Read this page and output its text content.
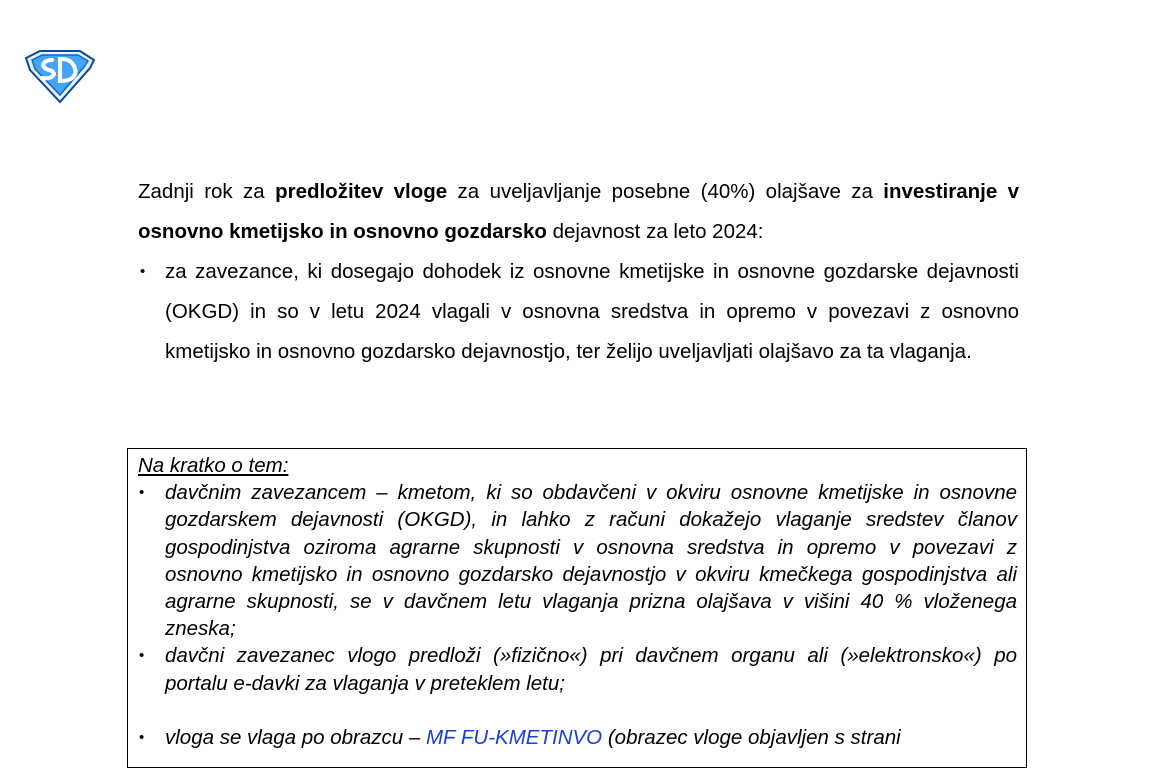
Zadnji rok za predložitev vloge za uveljavljanje posebne (40%) olajšave za investiranje v osnovno kmetijsko in osnovno gozdarsko dejavnost za leto 2024:

• za zavezance, ki dosegajo dohodek iz osnovne kmetijske in osnovne gozdarske dejavnosti (OKGD) in so v letu 2024 vlagali v osnovna sredstva in opremo v povezavi z osnovno kmetijsko in osnovno gozdarsko dejavnostjo, ter želijo uveljavljati olajšavo za ta vlaganja.

Na kratko o tem:

• davčnim zavezancem – kmetom, ki so obdavčeni v okviru osnovne kmetijske in osnovne gozdarskem dejavnosti (OKGD), in lahko z računi dokažejo vlaganje sredstev članov gospodinjstva oziroma agrarne skupnosti v osnovna sredstva in opremo v povezavi z osnovno kmetijsko in osnovno gozdarsko dejavnostjo v okviru kmečkega gospodinjstva ali agrarne skupnosti, se v davčnem letu vlaganja prizna olajšava v višini 40 % vloženega zneska;
• davčni zavezanec vlogo predloži (»fizično«) pri davčnem organu ali (»elektronsko«) po portalu e-davki za vlaganja v preteklem letu;
• vloga se vlaga po obrazcu – MF FU-KMETINVO (obrazec vloge objavljen s strani
